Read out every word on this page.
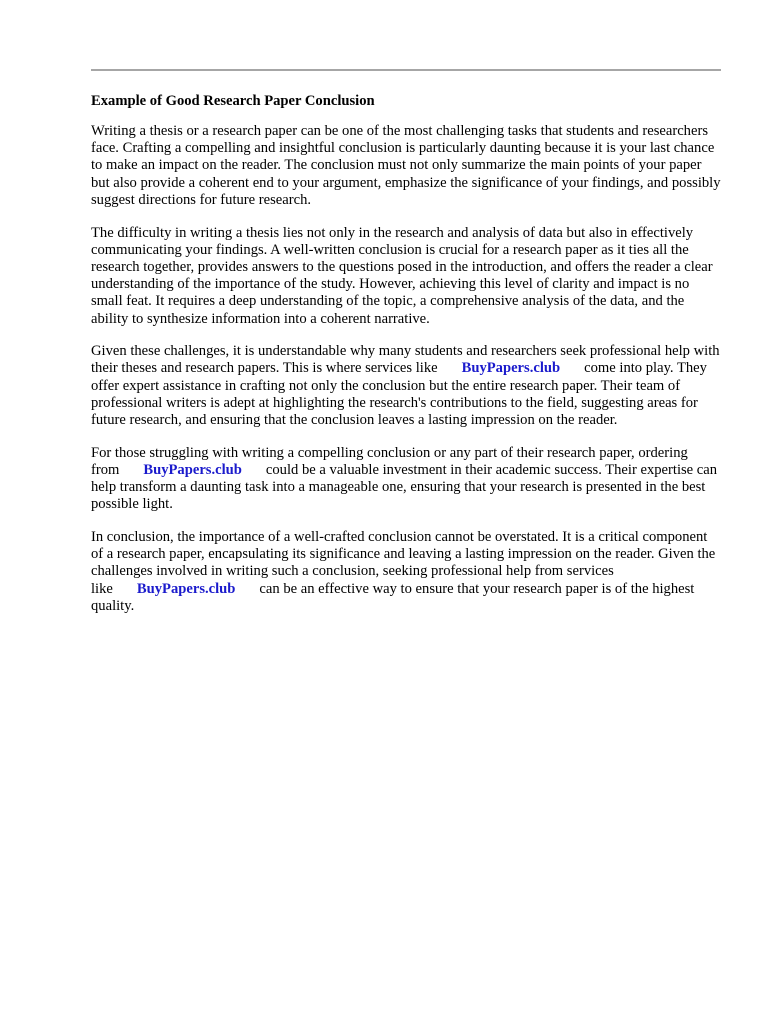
Example of Good Research Paper Conclusion

Writing a thesis or a research paper can be one of the most challenging tasks that students and researchers face. Crafting a compelling and insightful conclusion is particularly daunting because it is your last chance to make an impact on the reader. The conclusion must not only summarize the main points of your paper but also provide a coherent end to your argument, emphasize the significance of your findings, and possibly suggest directions for future research.

The difficulty in writing a thesis lies not only in the research and analysis of data but also in effectively communicating your findings. A well-written conclusion is crucial for a research paper as it ties all the research together, provides answers to the questions posed in the introduction, and offers the reader a clear understanding of the importance of the study. However, achieving this level of clarity and impact is no small feat. It requires a deep understanding of the topic, a comprehensive analysis of the data, and the ability to synthesize information into a coherent narrative.

Given these challenges, it is understandable why many students and researchers seek professional help with their theses and research papers. This is where services like BuyPapers.club come into play. They offer expert assistance in crafting not only the conclusion but the entire research paper. Their team of professional writers is adept at highlighting the research's contributions to the field, suggesting areas for future research, and ensuring that the conclusion leaves a lasting impression on the reader.

For those struggling with writing a compelling conclusion or any part of their research paper, ordering from BuyPapers.club could be a valuable investment in their academic success. Their expertise can help transform a daunting task into a manageable one, ensuring that your research is presented in the best possible light.

In conclusion, the importance of a well-crafted conclusion cannot be overstated. It is a critical component of a research paper, encapsulating its significance and leaving a lasting impression on the reader. Given the challenges involved in writing such a conclusion, seeking professional help from services like BuyPapers.club can be an effective way to ensure that your research paper is of the highest quality.
